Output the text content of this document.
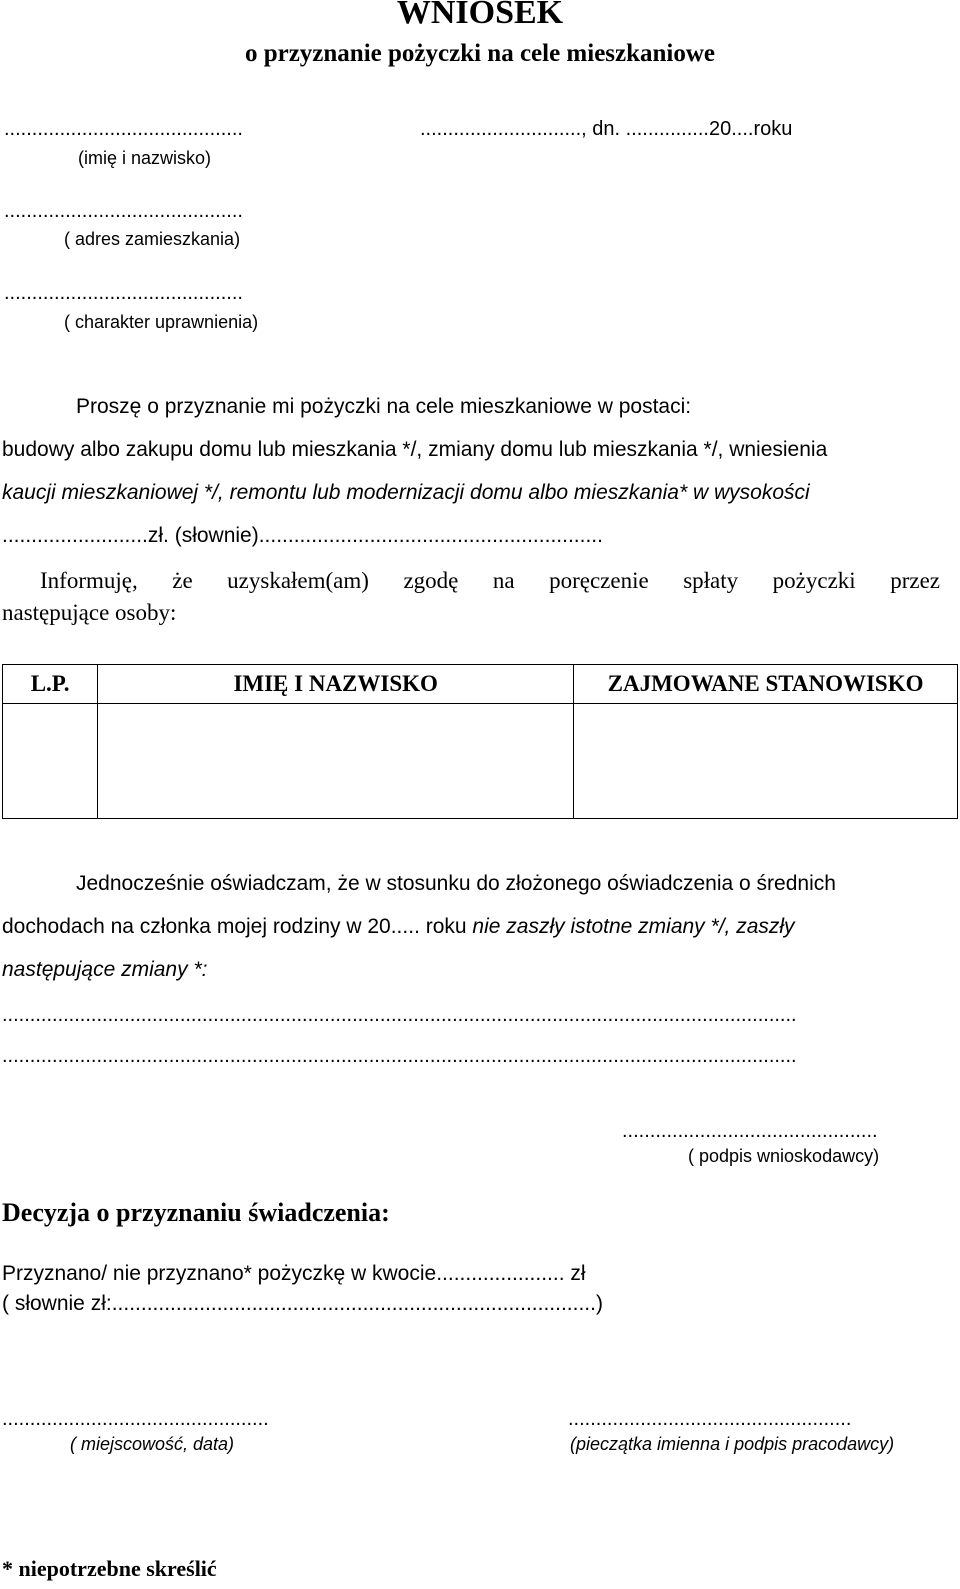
WNIOSEK
o przyznanie pożyczki na cele mieszkaniowe
...........................................
(imię i nazwisko)
............................., dn. ...............20....roku
...........................................
( adres zamieszkania)
...........................................
( charakter uprawnienia)
Proszę o przyznanie mi pożyczki na cele mieszkaniowe w postaci:
budowy albo zakupu domu lub mieszkania */, zmiany domu lub mieszkania */, wniesienia
kaucji mieszkaniowej */, remontu lub modernizacji domu albo mieszkania* w wysokości
.........................zł. (słownie)...........................................................
Informuję, że uzyskałem(am) zgodę na poręczenie spłaty pożyczki przez
następujące osoby:
L.P.	IMIĘ I NAZWISKO	ZAJMOWANE STANOWISKO

Jednocześnie oświadczam, że w stosunku do złożonego oświadczenia o średnich
dochodach na członka mojej rodziny w 20..... roku nie zaszły istotne zmiany */, zaszły
następujące zmiany *:
...............................................................................................................................................
...............................................................................................................................................
..............................................
( podpis wnioskodawcy)
Decyzja o przyznaniu świadczenia:
Przyznano/ nie przyznano* pożyczkę w kwocie...................... zł
( słownie zł:...................................................................................)
................................................
( miejscowość, data)
...................................................
(pieczątka imienna i podpis pracodawcy)
* niepotrzebne skreślić
